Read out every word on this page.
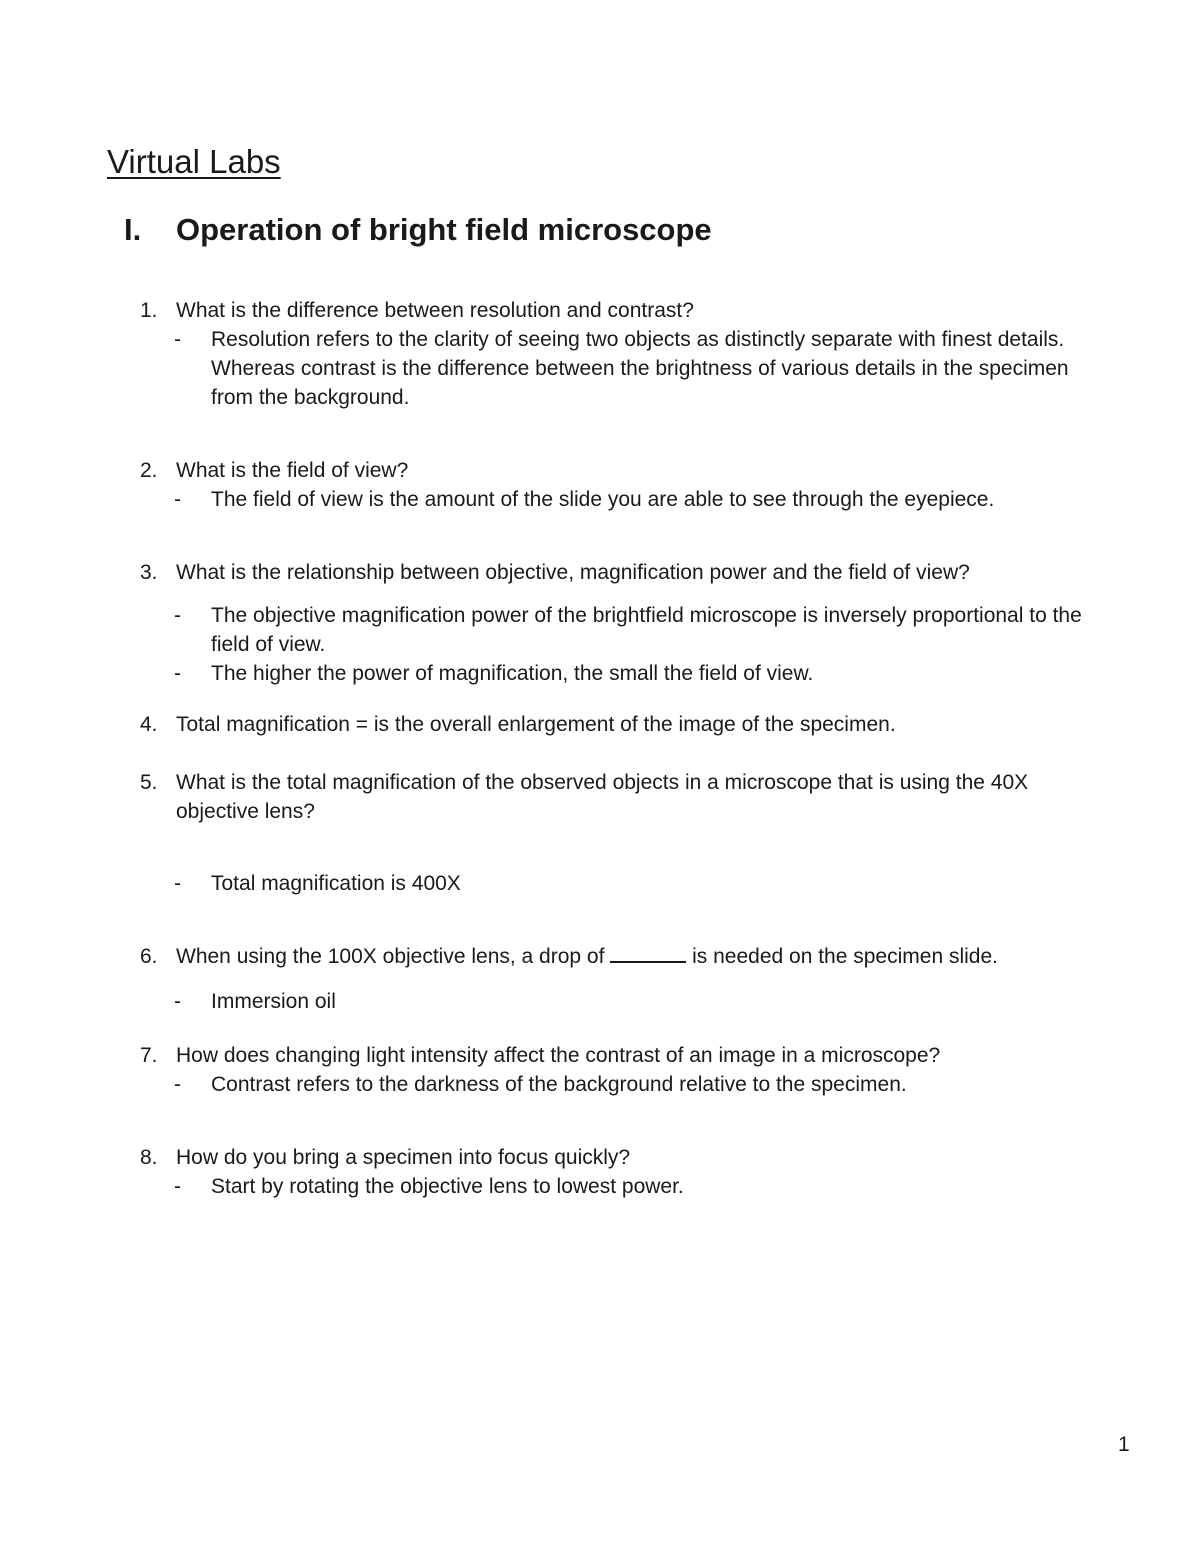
Virtual Labs
I.	Operation of bright field microscope
1. What is the difference between resolution and contrast?
-	Resolution refers to the clarity of seeing two objects as distinctly separate with finest details. Whereas contrast is the difference between the brightness of various details in the specimen from the background.
2. What is the field of view?
-	The field of view is the amount of the slide you are able to see through the eyepiece.
3. What is the relationship between objective, magnification power and the field of view?
-	The objective magnification power of the brightfield microscope is inversely proportional to the field of view.
-	The higher the power of magnification, the small the field of view.
4. Total magnification = is the overall enlargement of the image of the specimen.
5. What is the total magnification of the observed objects in a microscope that is using the 40X objective lens?
-	Total magnification is 400X
6. When using the 100X objective lens, a drop of	is needed on the specimen slide.
-	Immersion oil
7. How does changing light intensity affect the contrast of an image in a microscope?
-	Contrast refers to the darkness of the background relative to the specimen.
8. How do you bring a specimen into focus quickly?
-	Start by rotating the objective lens to lowest power.
1
